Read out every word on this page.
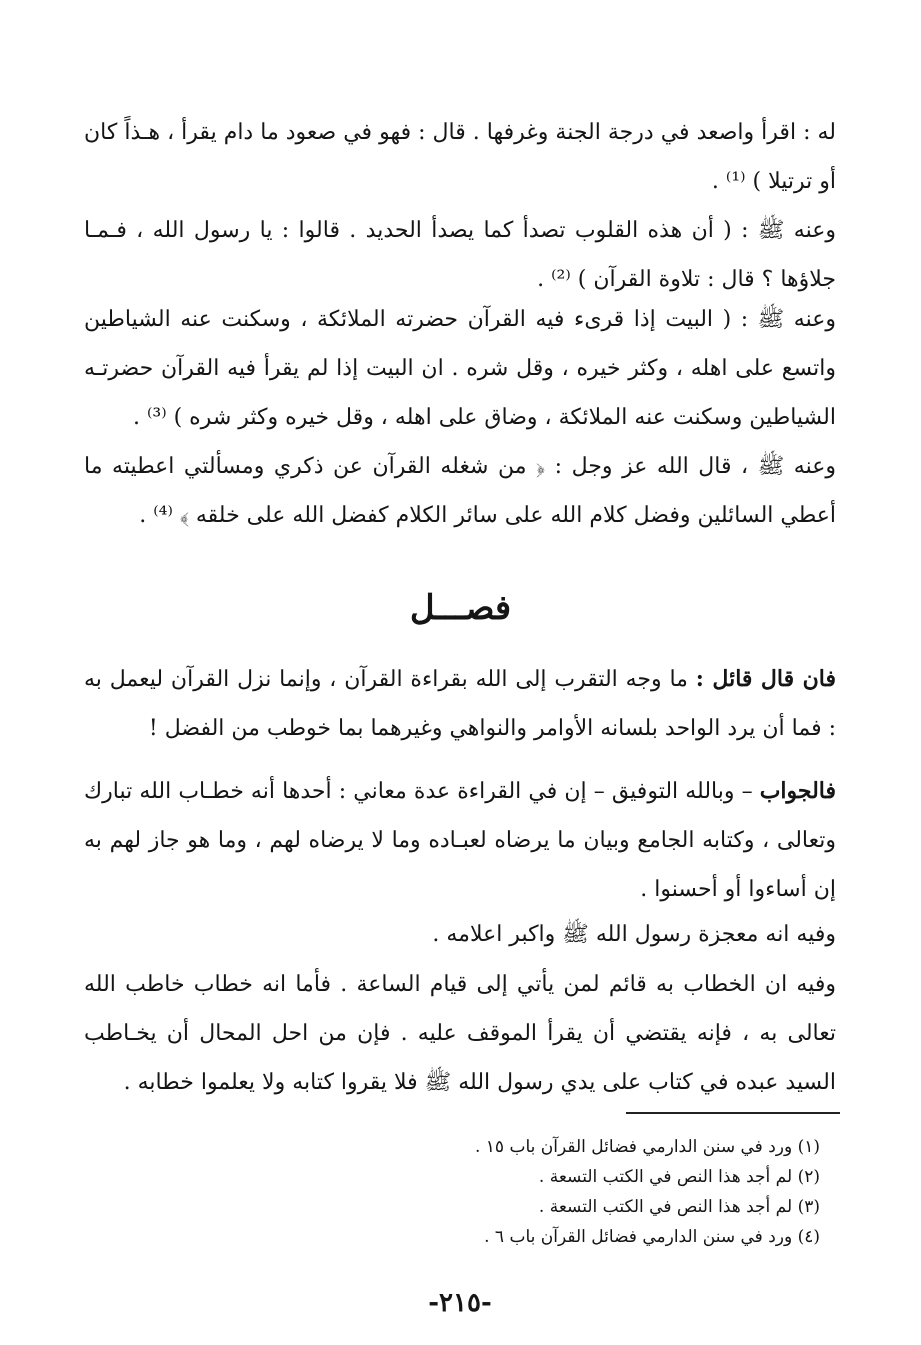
له : اقرأ واصعد في درجة الجنة وغرفها . قال : فهو في صعود ما دام يقرأ ، هـذاً كان أو ترتيلا ) ⁽¹⁾ .
وعنه ﷺ : ( أن هذه القلوب تصدأ كما يصدأ الحديد . قالوا : يا رسول الله ، فـمـا جلاؤها ؟ قال : تلاوة القرآن ) ⁽²⁾ .
وعنه ﷺ : ( البيت إذا قرىء فيه القرآن حضرته الملائكة ، وسكنت عنه الشياطين واتسع على اهله ، وكثر خيره ، وقل شره . ان البيت إذا لم يقرأ فيه القرآن حضرتـه الشياطين وسكنت عنه الملائكة ، وضاق على اهله ، وقل خيره وكثر شره ) ⁽³⁾ .
وعنه ﷺ ، قال الله عز وجل : ﴿ من شغله القرآن عن ذكري ومسألتي اعطيته ما أعطي السائلين وفضل كلام الله على سائر الكلام كفضل الله على خلقه ﴾ ⁽⁴⁾ .
فصـــل
فان قال قائل : ما وجه التقرب إلى الله بقراءة القرآن ، وإنما نزل القرآن ليعمل به : فما أن يرد الواحد بلسانه الأوامر والنواهي وغيرهما بما خوطب من الفضل !
فالجواب – وبالله التوفيق – إن في القراءة عدة معاني : أحدها أنه خطـاب الله تبارك وتعالى ، وكتابه الجامع وبيان ما يرضاه لعبـاده وما لا يرضاه لهم ، وما هو جاز لهم به إن أساءوا أو أحسنوا .
وفيه انه معجزة رسول الله ﷺ واكبر اعلامه .
وفيه ان الخطاب به قائم لمن يأتي إلى قيام الساعة . فأما انه خطاب خاطب الله تعالى به ، فإنه يقتضي أن يقرأ الموقف عليه . فإن من احل المحال أن يخـاطب السيد عبده في كتاب على يدي رسول الله ﷺ فلا يقروا كتابه ولا يعلموا خطابه .
(١) ورد في سنن الدارمي فضائل القرآن باب ١٥ .
(٢) لم أجد هذا النص في الكتب التسعة .
(٣) لم أجد هذا النص في الكتب التسعة .
(٤) ورد في سنن الدارمي فضائل القرآن باب ٦ .
-٢١٥-
